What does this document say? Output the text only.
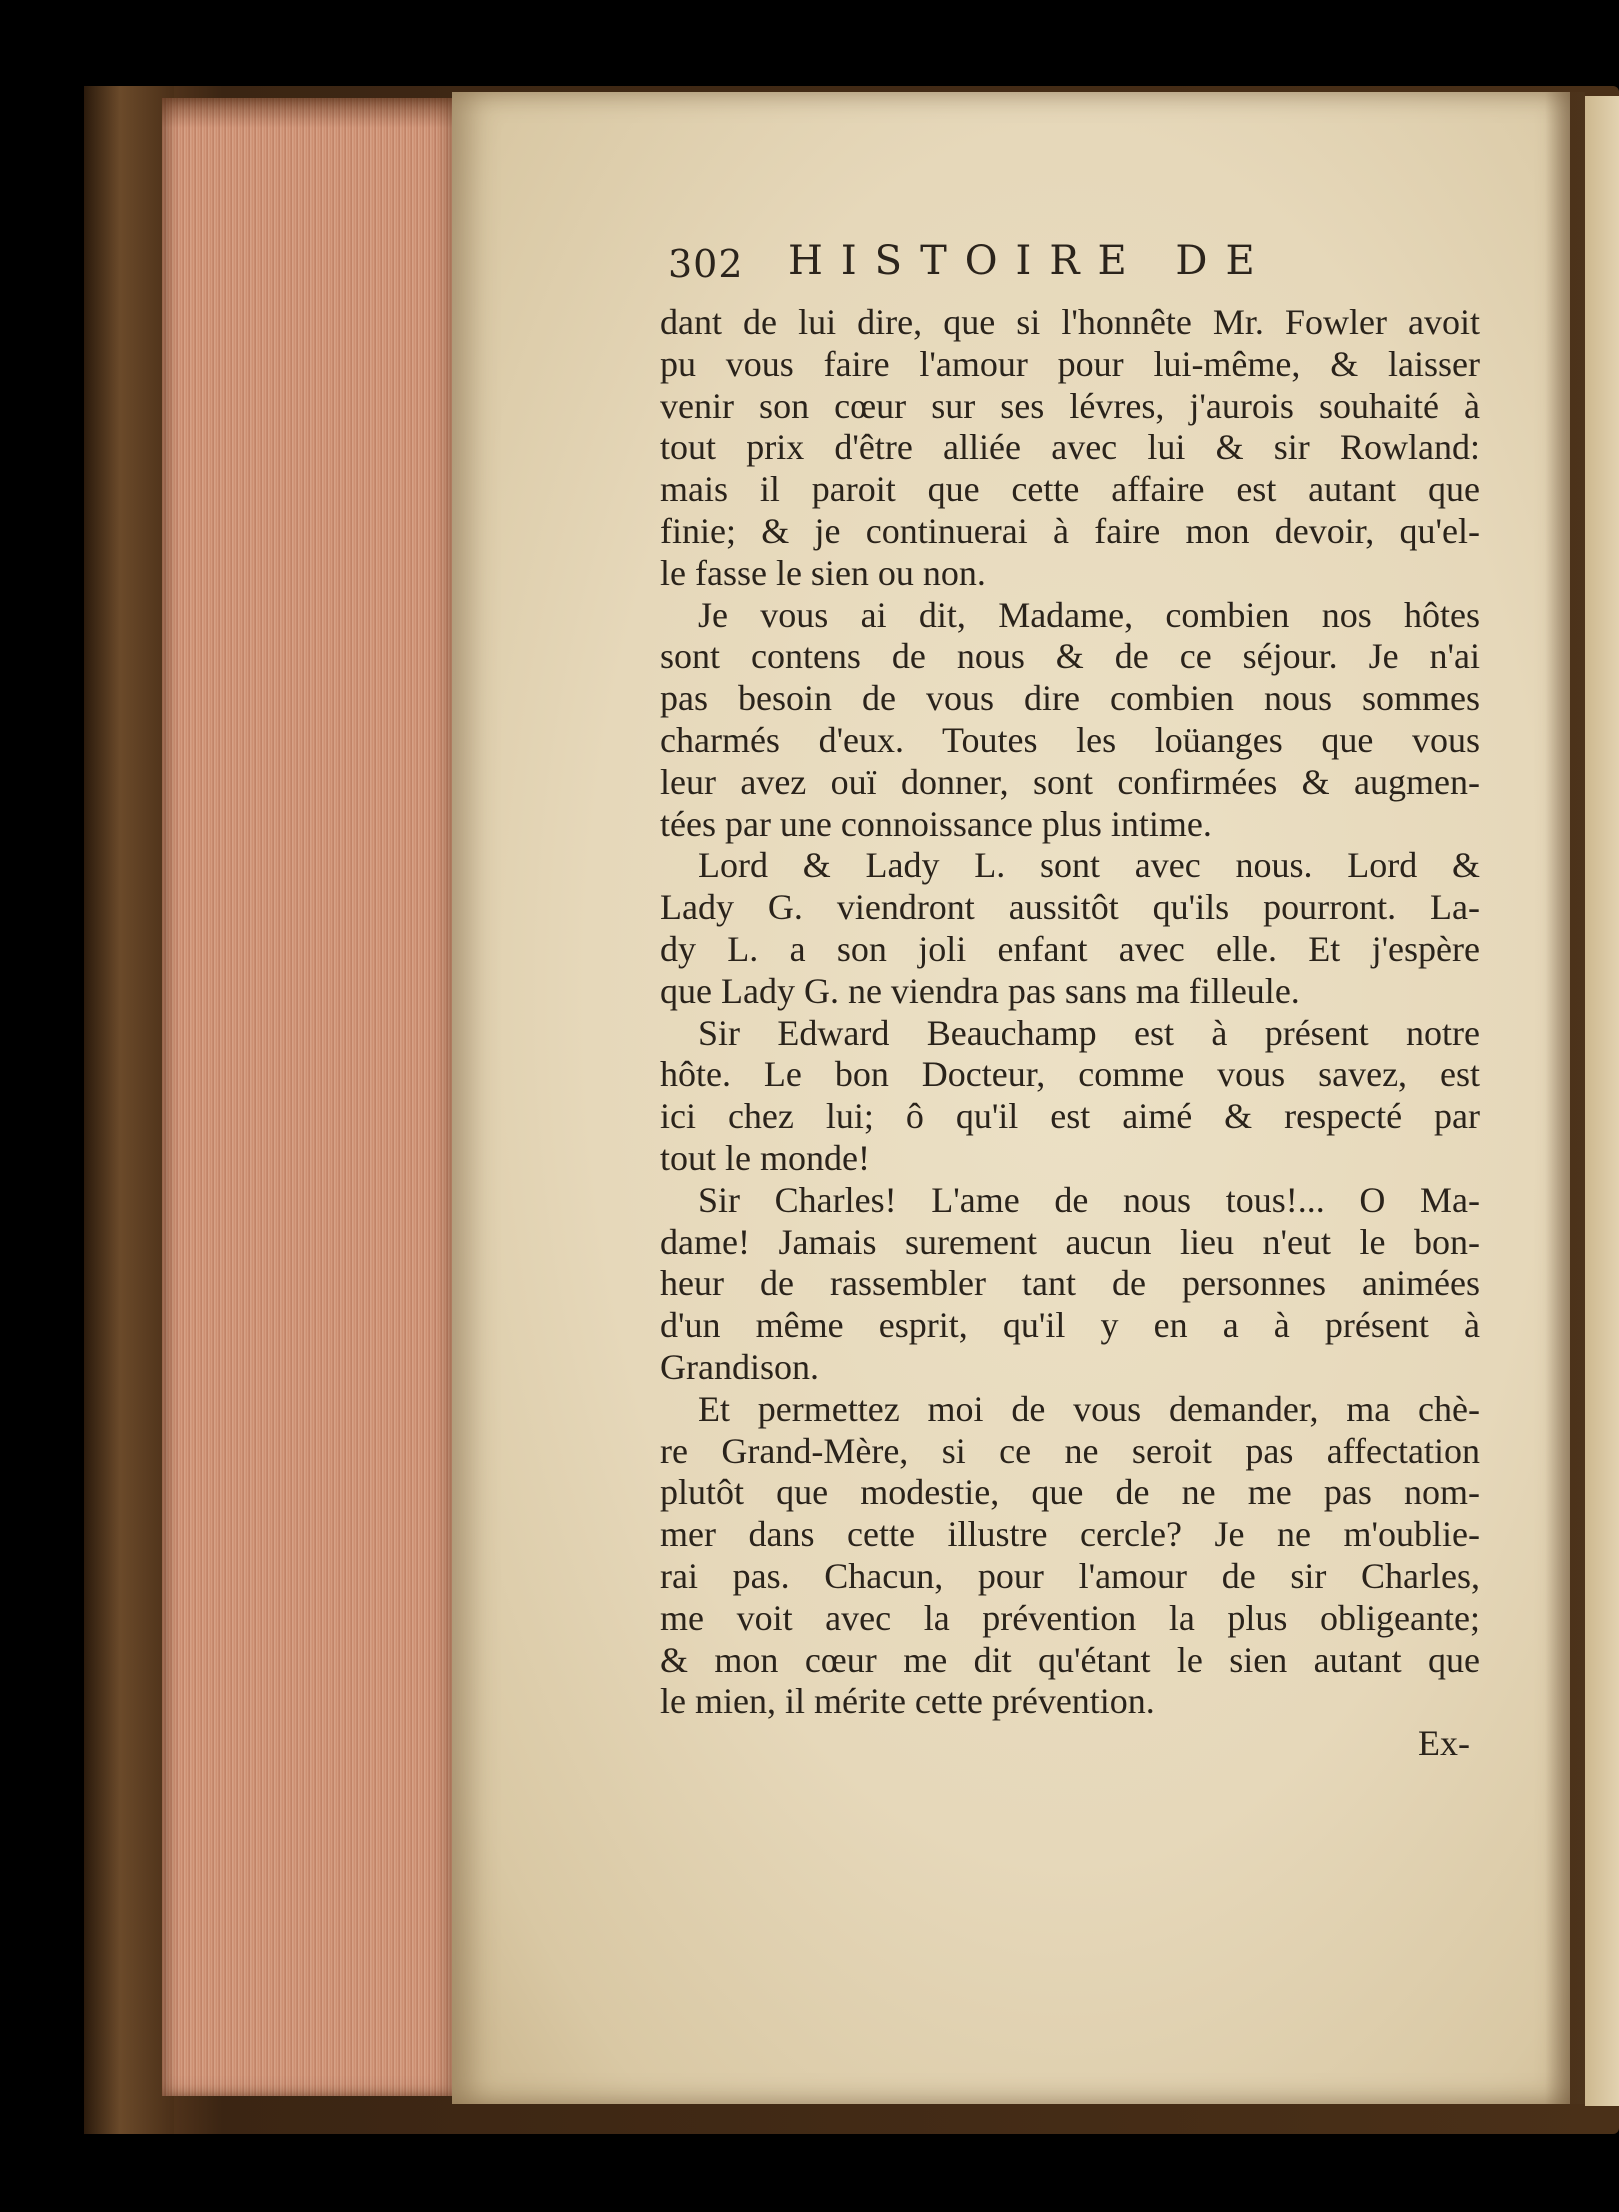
302 HISTOIRE DE
dant de lui dire, que si l'honnête Mr. Fowler avoit
pu vous faire l'amour pour lui-même, & laisser
venir son cœur sur ses lévres, j'aurois souhaité à
tout prix d'être alliée avec lui & sir Rowland:
mais il paroit que cette affaire est autant que
finie; & je continuerai à faire mon devoir, qu'el-
le fasse le sien ou non.
Je vous ai dit, Madame, combien nos hôtes
sont contens de nous & de ce séjour. Je n'ai
pas besoin de vous dire combien nous sommes
charmés d'eux. Toutes les loüanges que vous
leur avez ouï donner, sont confirmées & augmen-
tées par une connoissance plus intime.
Lord & Lady L. sont avec nous. Lord &
Lady G. viendront aussitôt qu'ils pourront. La-
dy L. a son joli enfant avec elle. Et j'espère
que Lady G. ne viendra pas sans ma filleule.
Sir Edward Beauchamp est à présent notre
hôte. Le bon Docteur, comme vous savez, est
ici chez lui; ô qu'il est aimé & respecté par
tout le monde!
Sir Charles! L'ame de nous tous!... O Ma-
dame! Jamais surement aucun lieu n'eut le bon-
heur de rassembler tant de personnes animées
d'un même esprit, qu'il y en a à présent à
Grandison.
Et permettez moi de vous demander, ma chè-
re Grand-Mère, si ce ne seroit pas affectation
plutôt que modestie, que de ne me pas nom-
mer dans cette illustre cercle? Je ne m'oublie-
rai pas. Chacun, pour l'amour de sir Charles,
me voit avec la prévention la plus obligeante;
& mon cœur me dit qu'étant le sien autant que
le mien, il mérite cette prévention.
Ex-
